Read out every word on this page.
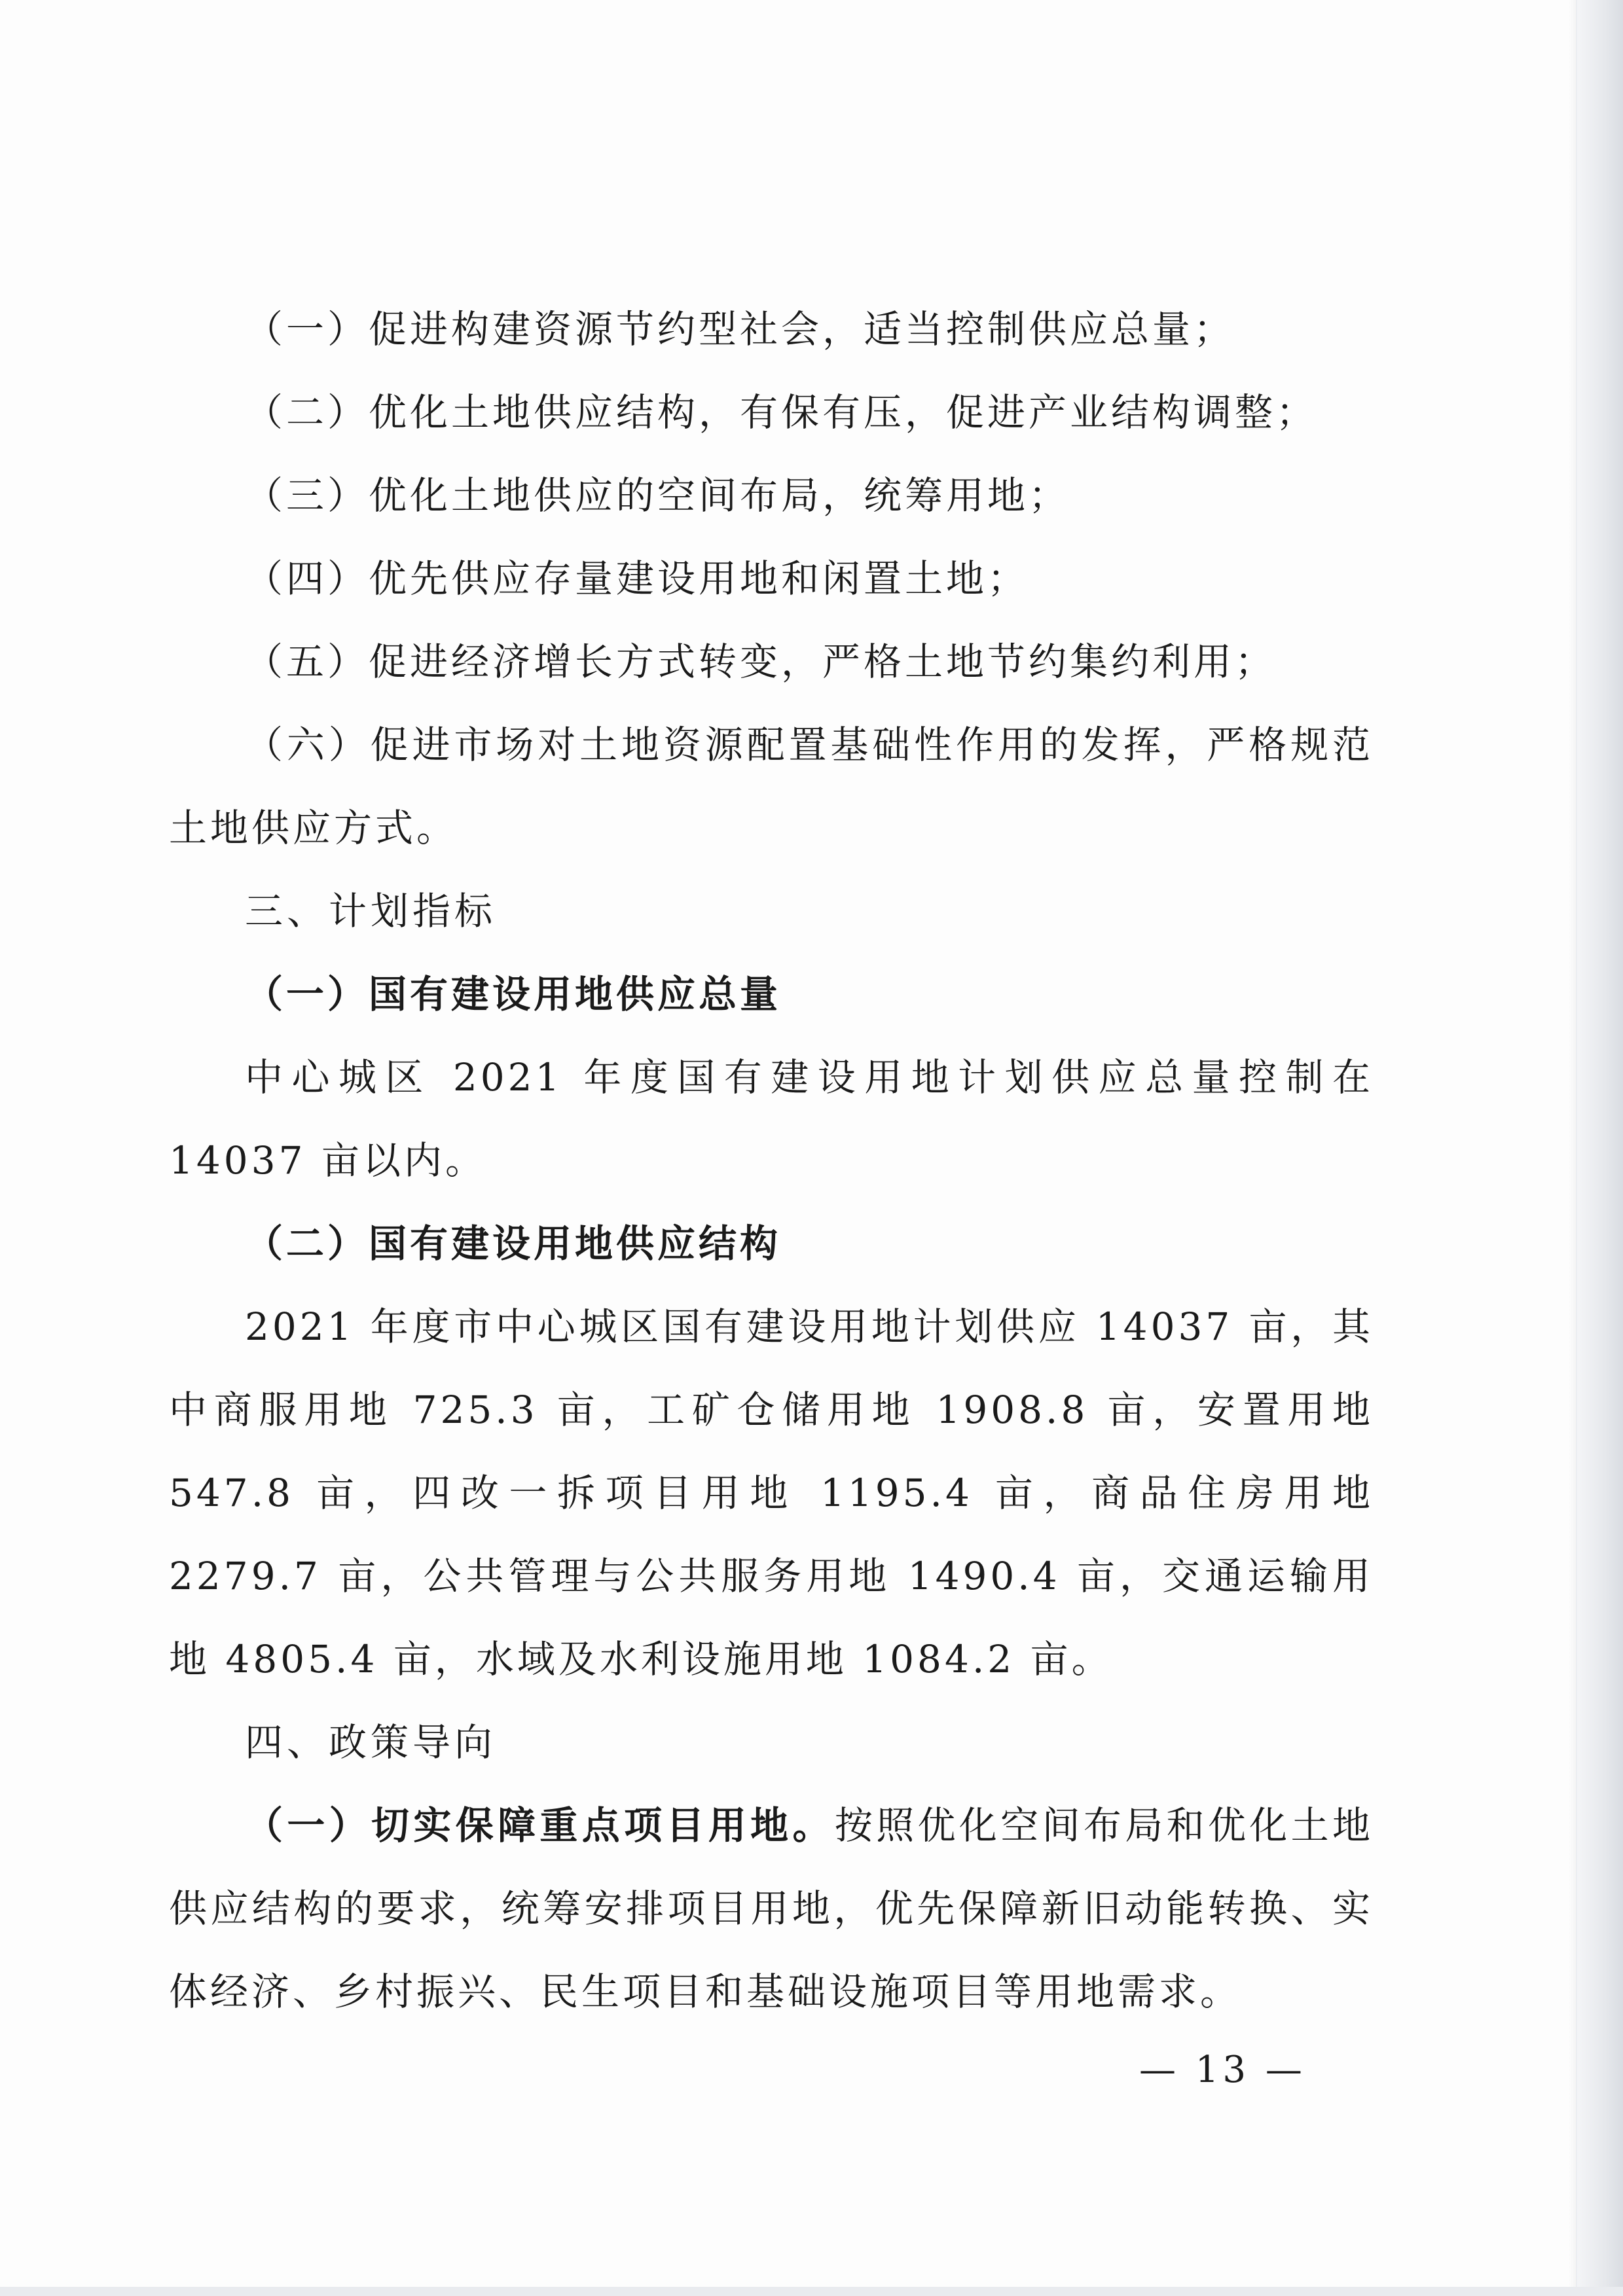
（一）促进构建资源节约型社会，适当控制供应总量；

（二）优化土地供应结构，有保有压，促进产业结构调整；

（三）优化土地供应的空间布局，统筹用地；

（四）优先供应存量建设用地和闲置土地；

（五）促进经济增长方式转变，严格土地节约集约利用；

（六）促进市场对土地资源配置基础性作用的发挥，严格规范土地供应方式。

三、计划指标

（一）国有建设用地供应总量

中心城区 2021 年度国有建设用地计划供应总量控制在 14037 亩以内。

（二）国有建设用地供应结构

2021 年度市中心城区国有建设用地计划供应 14037 亩，其中商服用地 725.3 亩，工矿仓储用地 1908.8 亩，安置用地 547.8 亩，四改一拆项目用地 1195.4 亩，商品住房用地 2279.7 亩，公共管理与公共服务用地 1490.4 亩，交通运输用地 4805.4 亩，水域及水利设施用地 1084.2 亩。

四、政策导向

（一）切实保障重点项目用地。按照优化空间布局和优化土地供应结构的要求，统筹安排项目用地，优先保障新旧动能转换、实体经济、乡村振兴、民生项目和基础设施项目等用地需求。

— 13 —
